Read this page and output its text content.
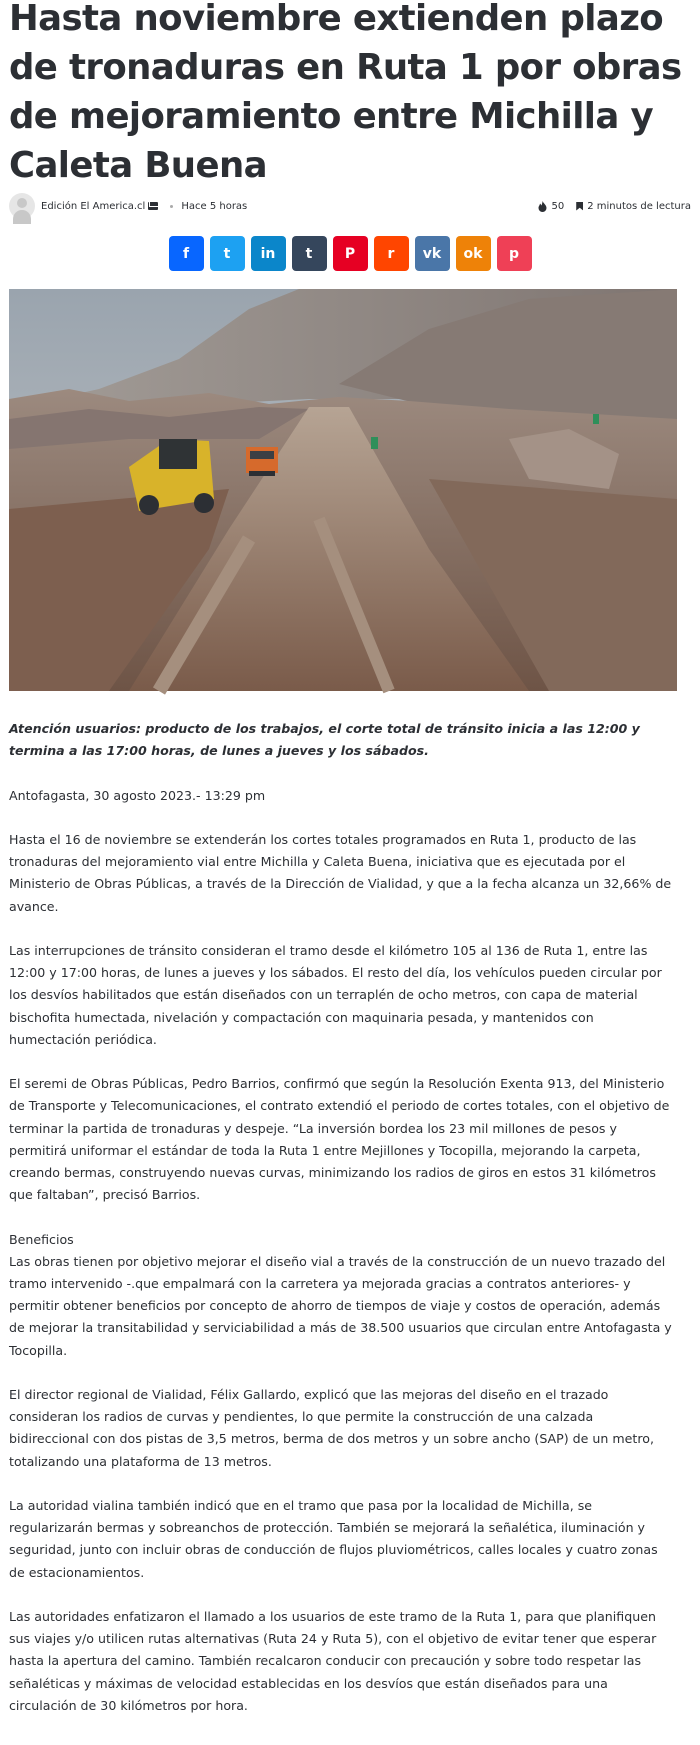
Hasta noviembre extienden plazo de tronaduras en Ruta 1 por obras de mejoramiento entre Michilla y Caleta Buena
Edición El America.cl	Hace 5 horas	50 2 minutos de lectura
f t in t P r vk ok p

Atención usuarios: producto de los trabajos, el corte total de tránsito inicia a las 12:00 y termina a las 17:00 horas, de lunes a jueves y los sábados.

Antofagasta, 30 agosto 2023.- 13:29 pm

Hasta el 16 de noviembre se extenderán los cortes totales programados en Ruta 1, producto de las tronaduras del mejoramiento vial entre Michilla y Caleta Buena, iniciativa que es ejecutada por el Ministerio de Obras Públicas, a través de la Dirección de Vialidad, y que a la fecha alcanza un 32,66% de avance.

Las interrupciones de tránsito consideran el tramo desde el kilómetro 105 al 136 de Ruta 1, entre las 12:00 y 17:00 horas, de lunes a jueves y los sábados. El resto del día, los vehículos pueden circular por los desvíos habilitados que están diseñados con un terraplén de ocho metros, con capa de material bischofita humectada, nivelación y compactación con maquinaria pesada, y mantenidos con humectación periódica.

El seremi de Obras Públicas, Pedro Barrios, confirmó que según la Resolución Exenta 913, del Ministerio de Transporte y Telecomunicaciones, el contrato extendió el periodo de cortes totales, con el objetivo de terminar la partida de tronaduras y despeje. “La inversión bordea los 23 mil millones de pesos y permitirá uniformar el estándar de toda la Ruta 1 entre Mejillones y Tocopilla, mejorando la carpeta, creando bermas, construyendo nuevas curvas, minimizando los radios de giros en estos 31 kilómetros que faltaban”, precisó Barrios.

Beneficios
Las obras tienen por objetivo mejorar el diseño vial a través de la construcción de un nuevo trazado del tramo intervenido -.que empalmará con la carretera ya mejorada gracias a contratos anteriores- y permitir obtener beneficios por concepto de ahorro de tiempos de viaje y costos de operación, además de mejorar la transitabilidad y serviciabilidad a más de 38.500 usuarios que circulan entre Antofagasta y Tocopilla.

El director regional de Vialidad, Félix Gallardo, explicó que las mejoras del diseño en el trazado consideran los radios de curvas y pendientes, lo que permite la construcción de una calzada bidireccional con dos pistas de 3,5 metros, berma de dos metros y un sobre ancho (SAP) de un metro, totalizando una plataforma de 13 metros.

La autoridad vialina también indicó que en el tramo que pasa por la localidad de Michilla, se regularizarán bermas y sobreanchos de protección. También se mejorará la señalética, iluminación y seguridad, junto con incluir obras de conducción de flujos pluviométricos, calles locales y cuatro zonas de estacionamientos.

Las autoridades enfatizaron el llamado a los usuarios de este tramo de la Ruta 1, para que planifiquen sus viajes y/o utilicen rutas alternativas (Ruta 24 y Ruta 5), con el objetivo de evitar tener que esperar hasta la apertura del camino. También recalcaron conducir con precaución y sobre todo respetar las señaléticas y máximas de velocidad establecidas en los desvíos que están diseñados para una circulación de 30 kilómetros por hora.
